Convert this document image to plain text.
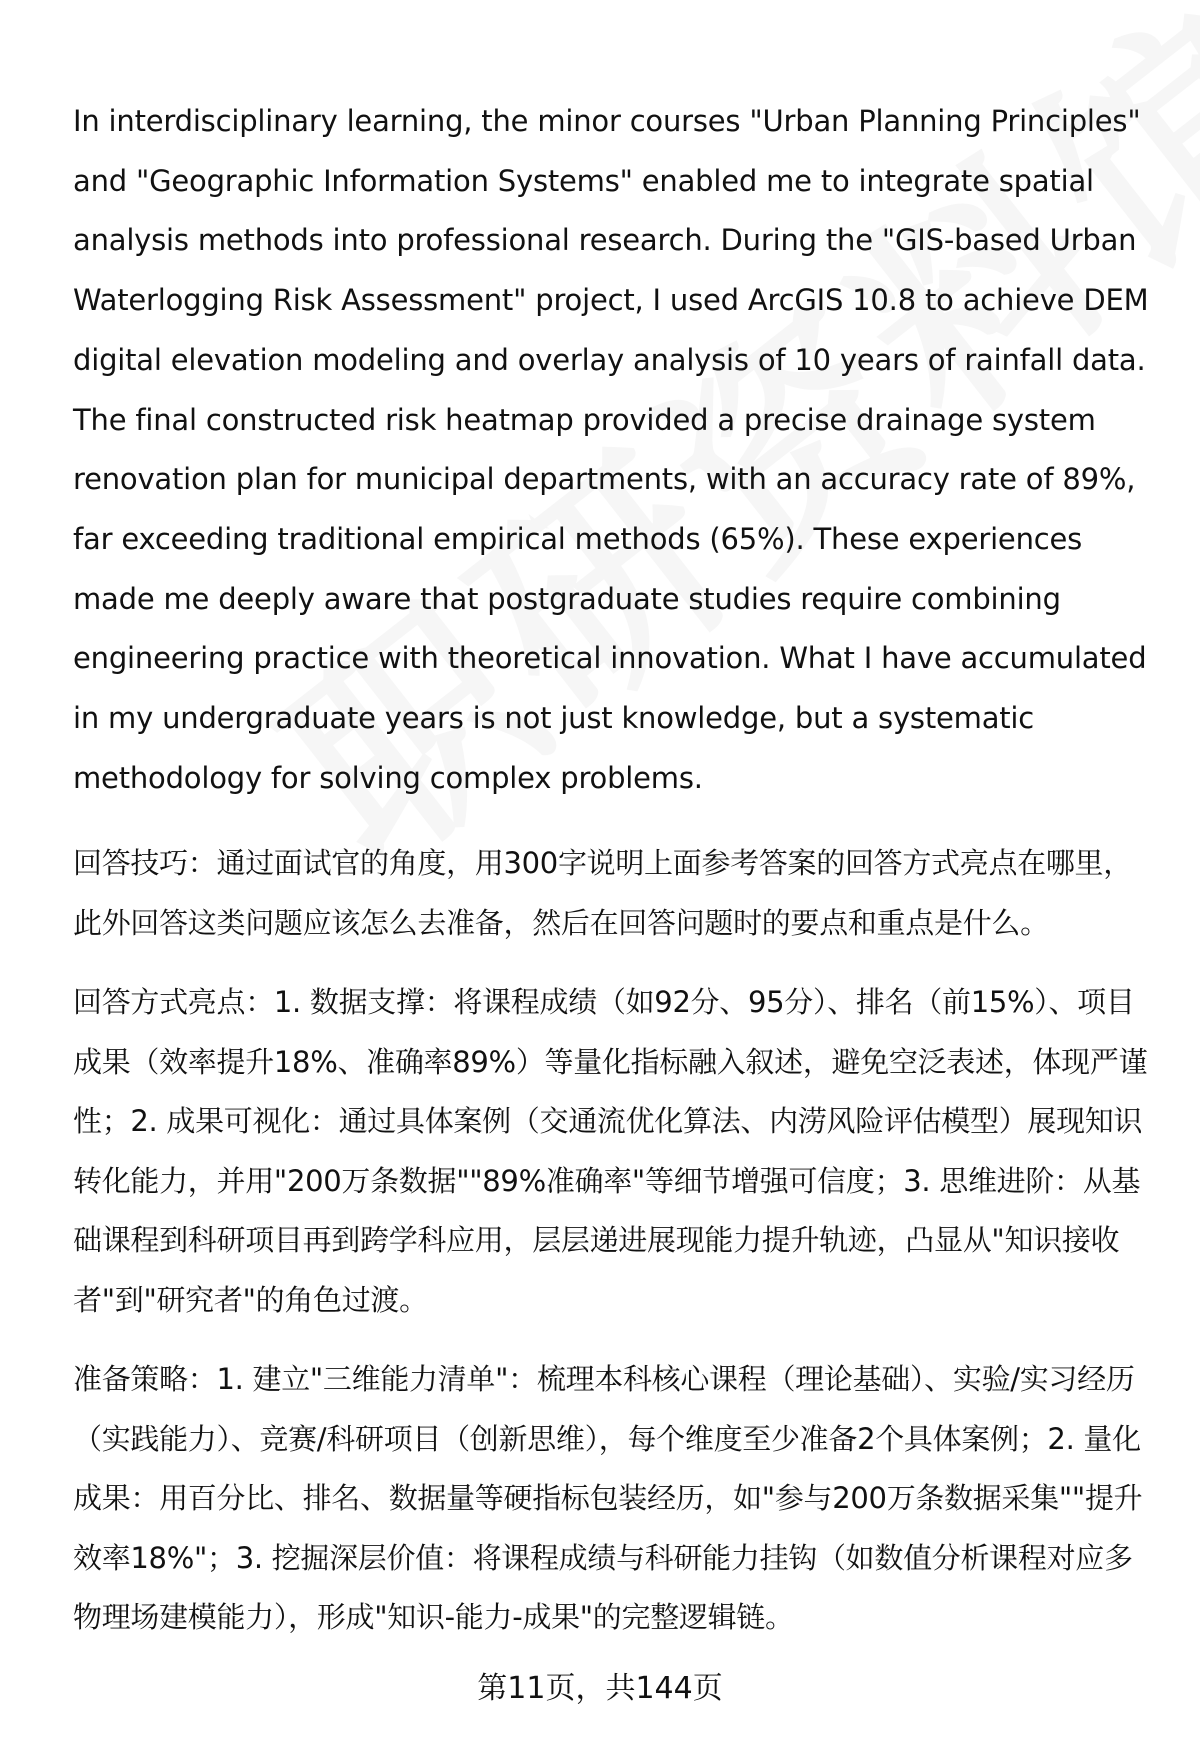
In interdisciplinary learning, the minor courses "Urban Planning Principles" and "Geographic Information Systems" enabled me to integrate spatial analysis methods into professional research. During the "GIS-based Urban Waterlogging Risk Assessment" project, I used ArcGIS 10.8 to achieve DEM digital elevation modeling and overlay analysis of 10 years of rainfall data. The final constructed risk heatmap provided a precise drainage system renovation plan for municipal departments, with an accuracy rate of 89%, far exceeding traditional empirical methods (65%). These experiences made me deeply aware that postgraduate studies require combining engineering practice with theoretical innovation. What I have accumulated in my undergraduate years is not just knowledge, but a systematic methodology for solving complex problems.

回答技巧：通过面试官的角度，用300字说明上面参考答案的回答方式亮点在哪里，此外回答这类问题应该怎么去准备，然后在回答问题时的要点和重点是什么。

回答方式亮点：1. 数据支撑：将课程成绩（如92分、95分）、排名（前15%）、项目成果（效率提升18%、准确率89%）等量化指标融入叙述，避免空泛表述，体现严谨性；2. 成果可视化：通过具体案例（交通流优化算法、内涝风险评估模型）展现知识转化能力，并用"200万条数据""89%准确率"等细节增强可信度；3. 思维进阶：从基础课程到科研项目再到跨学科应用，层层递进展现能力提升轨迹，凸显从"知识接收者"到"研究者"的角色过渡。

准备策略：1. 建立"三维能力清单"：梳理本科核心课程（理论基础）、实验/实习经历（实践能力）、竞赛/科研项目（创新思维），每个维度至少准备2个具体案例；2. 量化成果：用百分比、排名、数据量等硬指标包装经历，如"参与200万条数据采集""提升效率18%"；3. 挖掘深层价值：将课程成绩与科研能力挂钩（如数值分析课程对应多物理场建模能力），形成"知识-能力-成果"的完整逻辑链。

第11页，共144页
